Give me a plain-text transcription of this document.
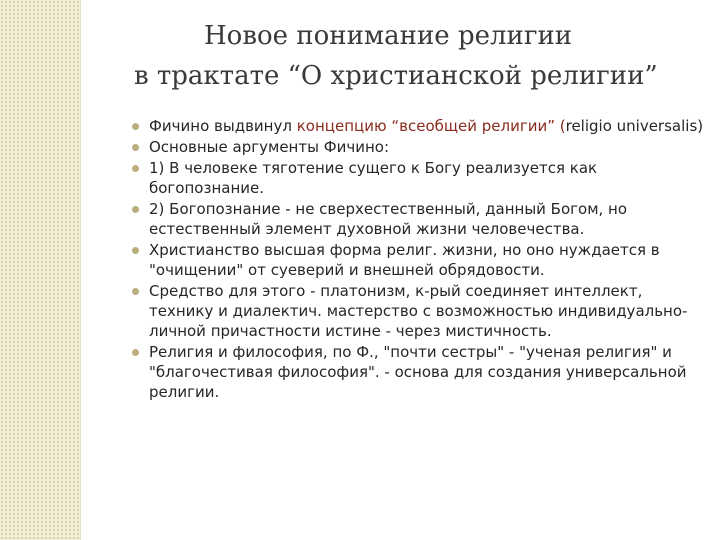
Новое понимание религии
в трактате “О христианской религии”
Фичино выдвинул концепцию “всеобщей религии” (religio universalis)
Основные аргументы Фичино:
1) В человеке тяготение сущего к Богу реализуется как богопознание.
2) Богопознание - не сверхестественный, данный Богом, но естественный элемент духовной жизни человечества.
Христианство высшая форма религ. жизни, но оно нуждается в "очищении" от суеверий и внешней обрядовости.
Средство для этого - платонизм, к-рый соединяет интеллект, технику и диалектич. мастерство с возможностью индивидуально-личной причастности истине - через мистичность.
Религия и философия, по Ф., "почти сестры" - "ученая религия" и "благочестивая философия". - основа для создания универсальной религии.
